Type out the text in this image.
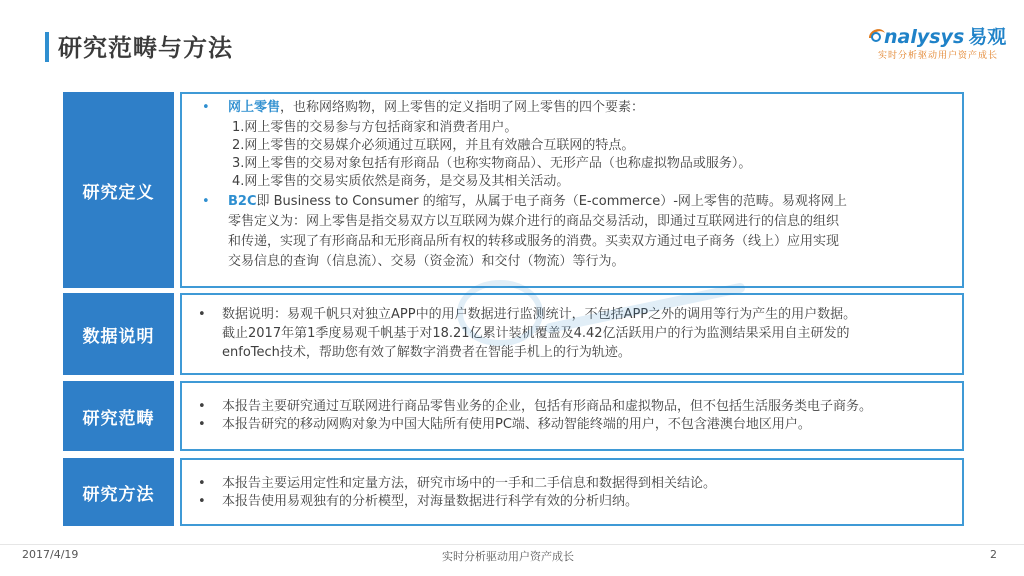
研究范畴与方法	nalysys 易观
实时分析驱动用户资产成长
研究定义
• 网上零售，也称网络购物，网上零售的定义指明了网上零售的四个要素：
1.网上零售的交易参与方包括商家和消费者用户。
2.网上零售的交易媒介必须通过互联网，并且有效融合互联网的特点。
3.网上零售的交易对象包括有形商品（也称实物商品）、无形产品（也称虚拟物品或服务）。
4.网上零售的交易实质依然是商务，是交易及其相关活动。
• B2C即 Business to Consumer 的缩写，从属于电子商务（E-commerce）-网上零售的范畴。易观将网上
零售定义为：网上零售是指交易双方以互联网为媒介进行的商品交易活动，即通过互联网进行的信息的组织
和传递，实现了有形商品和无形商品所有权的转移或服务的消费。买卖双方通过电子商务（线上）应用实现
交易信息的查询（信息流）、交易（资金流）和交付（物流）等行为。
数据说明
• 数据说明：易观千帆只对独立APP中的用户数据进行监测统计，不包括APP之外的调用等行为产生的用户数据。
截止2017年第1季度易观千帆基于对18.21亿累计装机覆盖及4.42亿活跃用户的行为监测结果采用自主研发的
enfoTech技术，帮助您有效了解数字消费者在智能手机上的行为轨迹。
研究范畴
• 本报告主要研究通过互联网进行商品零售业务的企业，包括有形商品和虚拟物品，但不包括生活服务类电子商务。
• 本报告研究的移动网购对象为中国大陆所有使用PC端、移动智能终端的用户，不包含港澳台地区用户。
研究方法
• 本报告主要运用定性和定量方法，研究市场中的一手和二手信息和数据得到相关结论。
• 本报告使用易观独有的分析模型，对海量数据进行科学有效的分析归纳。
2017/4/19	实时分析驱动用户资产成长	2
